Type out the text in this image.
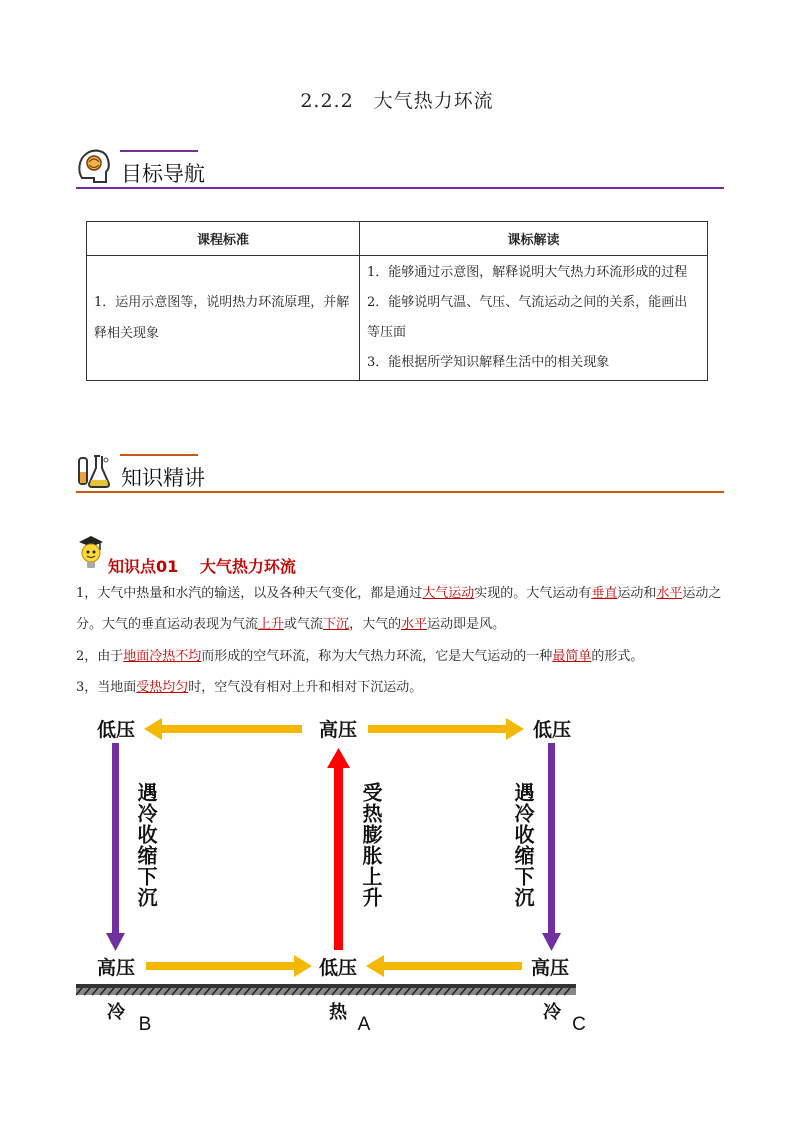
2.2.2　大气热力环流
目标导航
课程标准	课标解读
1．运用示意图等，说明热力环流原理，并解释相关现象	1．能够通过示意图，解释说明大气热力环流形成的过程
2．能够说明气温、气压、气流运动之间的关系，能画出等压面
3．能根据所学知识解释生活中的相关现象
知识精讲
知识点01　 大气热力环流
1，大气中热量和水汽的输送，以及各种天气变化，都是通过大气运动实现的。大气运动有垂直运动和水平运动之分。大气的垂直运动表现为气流上升或气流下沉，大气的水平运动即是风。
2，由于地面冷热不均而形成的空气环流，称为大气热力环流，它是大气运动的一种最简单的形式。
3，当地面受热均匀时，空气没有相对上升和相对下沉运动。
低压	高压	低压
高压	低压	高压
遇冷收缩下沉	受热膨胀上升	遇冷收缩下沉
冷	热	冷
B	A	C
